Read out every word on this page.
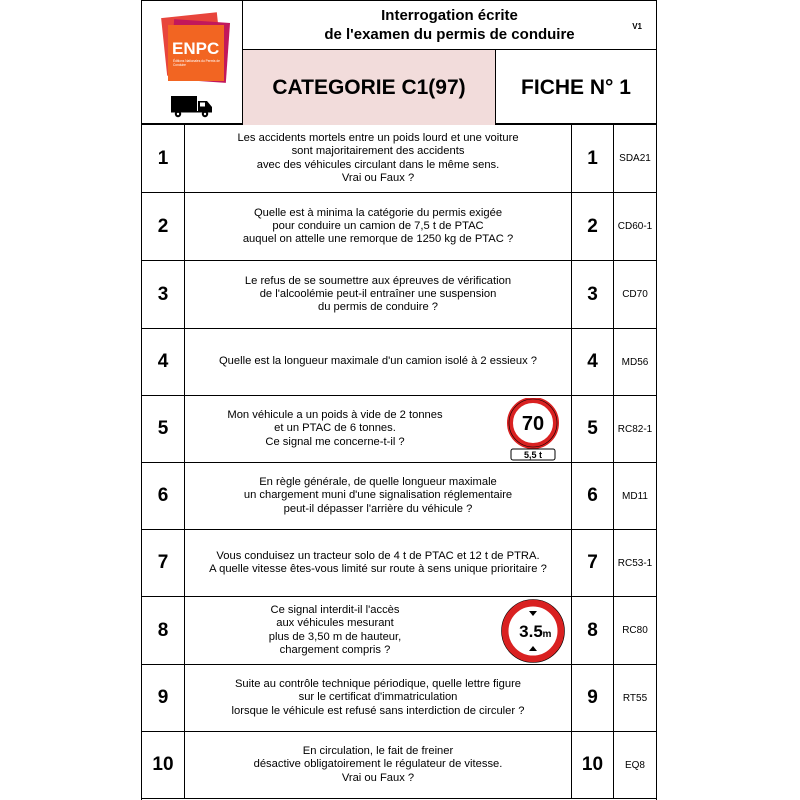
ENPC
Éditions Nationales du Permis de Conduire
Interrogation écrite
de l'examen du permis de conduire	V1
CATEGORIE C1(97)	FICHE N° 1
1
Les accidents mortels entre un poids lourd et une voiture
sont majoritairement des accidents
avec des véhicules circulant dans le même sens.
Vrai ou Faux ?
1	SDA21
2
Quelle est à minima la catégorie du permis exigée
pour conduire un camion de 7,5 t de PTAC
auquel on attelle une remorque de 1250 kg de PTAC ?
2	CD60-1
3
Le refus de se soumettre aux épreuves de vérification
de l'alcoolémie peut-il entraîner une suspension
du permis de conduire ?
3	CD70
4	Quelle est la longueur maximale d'un camion isolé à 2 essieux ?	4	MD56
5
Mon véhicule a un poids à vide de 2 tonnes
et un PTAC de 6 tonnes.
Ce signal me concerne-t-il ?
70
5,5 t
5	RC82-1
6
En règle générale, de quelle longueur maximale
un chargement muni d'une signalisation réglementaire
peut-il dépasser l'arrière du véhicule ?
6	MD11
7	Vous conduisez un tracteur solo de 4 t de PTAC et 12 t de PTRA.
A quelle vitesse êtes-vous limité sur route à sens unique prioritaire ?	7	RC53-1
8
Ce signal interdit-il l'accès
aux véhicules mesurant
plus de 3,50 m de hauteur,
chargement compris ?
3.5 m	8	RC80
9
Suite au contrôle technique périodique, quelle lettre figure
sur le certificat d'immatriculation
lorsque le véhicule est refusé sans interdiction de circuler ?
9	RT55
10
En circulation, le fait de freiner
désactive obligatoirement le régulateur de vitesse.
Vrai ou Faux ?
10	EQ8
